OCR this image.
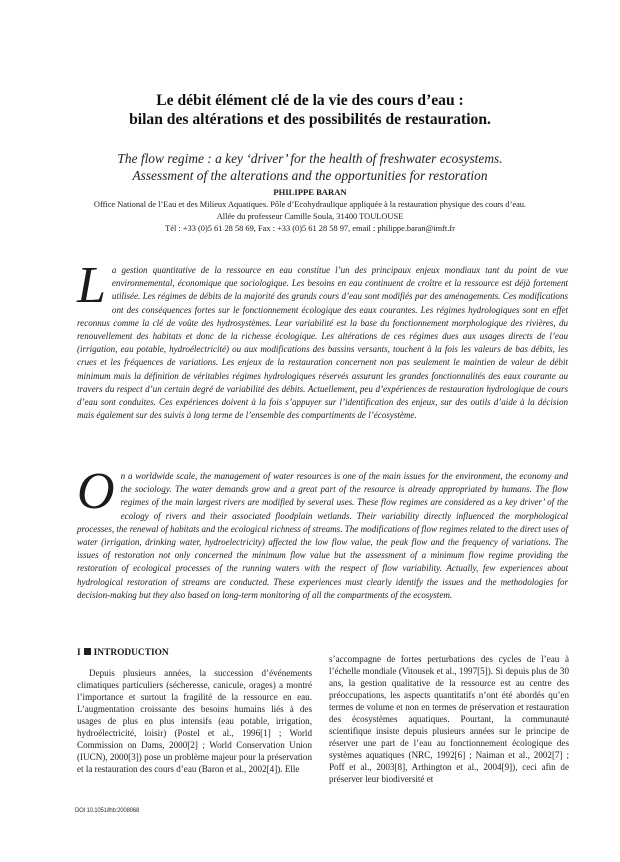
Le débit élément clé de la vie des cours d’eau :
bilan des altérations et des possibilités de restauration.
The flow regime : a key ‘driver’ for the health of freshwater ecosystems.
Assessment of the alterations and the opportunities for restoration
PHILIPPE BARAN
Office National de l’Eau et des Milieux Aquatiques. Pôle d’Ecohydraulique appliquée à la restauration physique des cours d’eau.
Allée du professeur Camille Soula, 31400 TOULOUSE
Tél : +33 (0)5 61 28 58 69, Fax : +33 (0)5 61 28 58 97, email : philippe.baran@imft.fr
La gestion quantitative de la ressource en eau constitue l’un des principaux enjeux mondiaux tant du point de vue environnemental, économique que sociologique. Les besoins en eau continuent de croître et la ressource est déjà fortement utilisée. Les régimes de débits de la majorité des grands cours d’eau sont modifiés par des aménagements. Ces modifications ont des conséquences fortes sur le fonctionnement écologique des eaux courantes. Les régimes hydrologiques sont en effet reconnus comme la clé de voûte des hydrosystèmes. Leur variabilité est la base du fonctionnement morphologique des rivières, du renouvellement des habitats et donc de la richesse écologique. Les altérations de ces régimes dues aux usages directs de l’eau (irrigation, eau potable, hydroélectricité) ou aux modifications des bassins versants, touchent à la fois les valeurs de bas débits, les crues et les fréquences de variations. Les enjeux de la restauration concernent non pas seulement le maintien de valeur de débit minimum mais la définition de véritables régimes hydrologiques réservés assurant les grandes fonctionnalités des eaux courante au travers du respect d’un certain degré de variabilité des débits. Actuellement, peu d’expériences de restauration hydrologique de cours d’eau sont conduites. Ces expériences doivent à la fois s’appuyer sur l’identification des enjeux, sur des outils d’aide à la décision mais également sur des suivis à long terme de l’ensemble des compartiments de l’écosystème.
On a worldwide scale, the management of water resources is one of the main issues for the environment, the economy and the sociology. The water demands grow and a great part of the resource is already appropriated by humans. The flow regimes of the main largest rivers are modified by several uses. These flow regimes are considered as a key driver’ of the ecology of rivers and their associated floodplain wetlands. Their variability directly influenced the morphological processes, the renewal of habitats and the ecological richness of streams. The modifications of flow regimes related to the direct uses of water (irrigation, drinking water, hydroelectricity) affected the low flow value, the peak flow and the frequency of variations. The issues of restoration not only concerned the minimum flow value but the assessment of a minimum flow regime providing the restoration of ecological processes of the running waters with the respect of flow variability. Actually, few experiences about hydrological restoration of streams are conducted. These experiences must clearly identify the issues and the methodologies for decision-making but they also based on long-term monitoring of all the compartments of the ecosystem.
I INTRODUCTION
Depuis plusieurs années, la succession d’événements climatiques particuliers (sécheresse, canicule, orages) a montré l’importance et surtout la fragilité de la ressource en eau. L’augmentation croissante des besoins humains liés à des usages de plus en plus intensifs (eau potable, irrigation, hydroélectricité, loisir) (Postel et al., 1996[1] ; World Commission on Dams, 2000[2] ; World Conservation Union (IUCN), 2000[3]) pose un problème majeur pour la préservation et la restauration des cours d’eau (Baron et al., 2002[4]). Elle
s’accompagne de fortes perturbations des cycles de l’eau à l’échelle mondiale (Vitousek et al., 1997[5]). Si depuis plus de 30 ans, la gestion qualitative de la ressource est au centre des préoccupations, les aspects quantitatifs n’ont été abordés qu’en termes de volume et non en termes de préservation et restauration des écosystèmes aquatiques. Pourtant, la communauté scientifique insiste depuis plusieurs années sur le principe de réserver une part de l’eau au fonctionnement écologique des systèmes aquatiques (NRC, 1992[6] ; Naiman et al., 2002[7] ; Poff et al., 2003[8], Arthington et al., 2004[9]), ceci afin de préserver leur biodiversité et
DOI 10.1051/lhb:2008068
